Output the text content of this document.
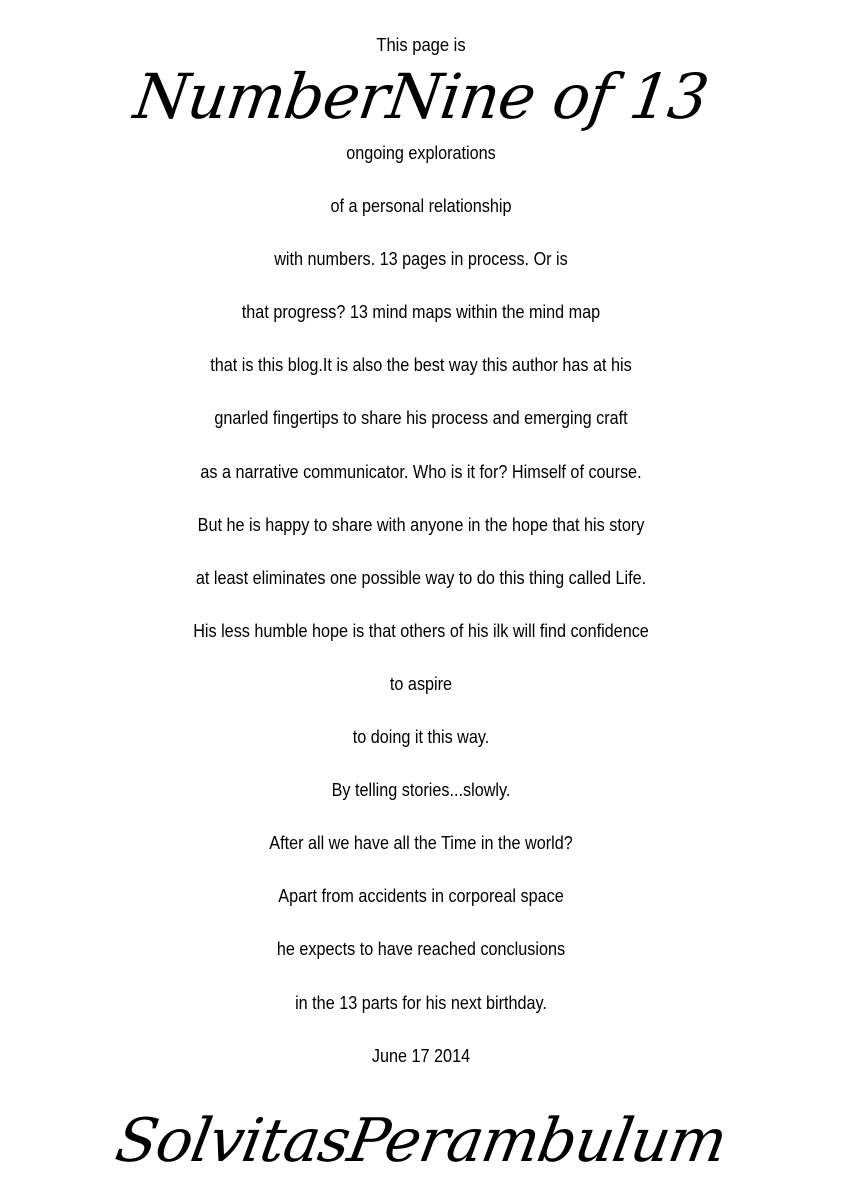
This page is
NumberNine of 13
ongoing explorations
of a personal relationship
with numbers. 13 pages in process. Or is
that progress? 13 mind maps within the mind map
that is this blog.It is also the best way this author has at his
gnarled fingertips to share his process and emerging craft
as a narrative communicator. Who is it for? Himself of course.
But he is happy to share with anyone in the hope that his story
at least eliminates one possible way to do this thing called Life.
His less humble hope is that others of his ilk will find confidence
to aspire
to doing it this way.
By telling stories...slowly.
After all we have all the Time in the world?
Apart from accidents in corporeal space
he expects to have reached conclusions
in the 13 parts for his next birthday.
June 17 2014
SolvitasPerambulum
